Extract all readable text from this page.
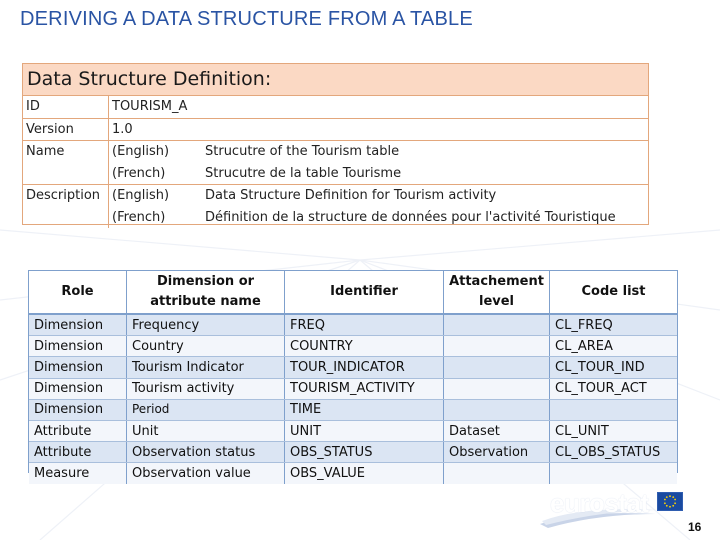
DERIVING A DATA STRUCTURE FROM A TABLE
Data Structure Definition:
ID	TOURISM_A	
Version	1.0	
Name	(English)	Strucutre of the Tourism table
	(French)	Strucutre de la table Tourisme
Description	(English)	Data Structure Definition for Tourism activity
	(French)	Définition de la structure de données pour l'activité Touristique
Role	Dimension or attribute name	Identifier	Attachement level	Code list
Dimension	Frequency	FREQ		CL_FREQ
Dimension	Country	COUNTRY		CL_AREA
Dimension	Tourism Indicator	TOUR_INDICATOR		CL_TOUR_IND
Dimension	Tourism activity	TOURISM_ACTIVITY		CL_TOUR_ACT
Dimension	Period	TIME		
Attribute	Unit	UNIT	Dataset	CL_UNIT
Attribute	Observation status	OBS_STATUS	Observation	CL_OBS_STATUS
Measure	Observation value	OBS_VALUE		
eurostat
16
